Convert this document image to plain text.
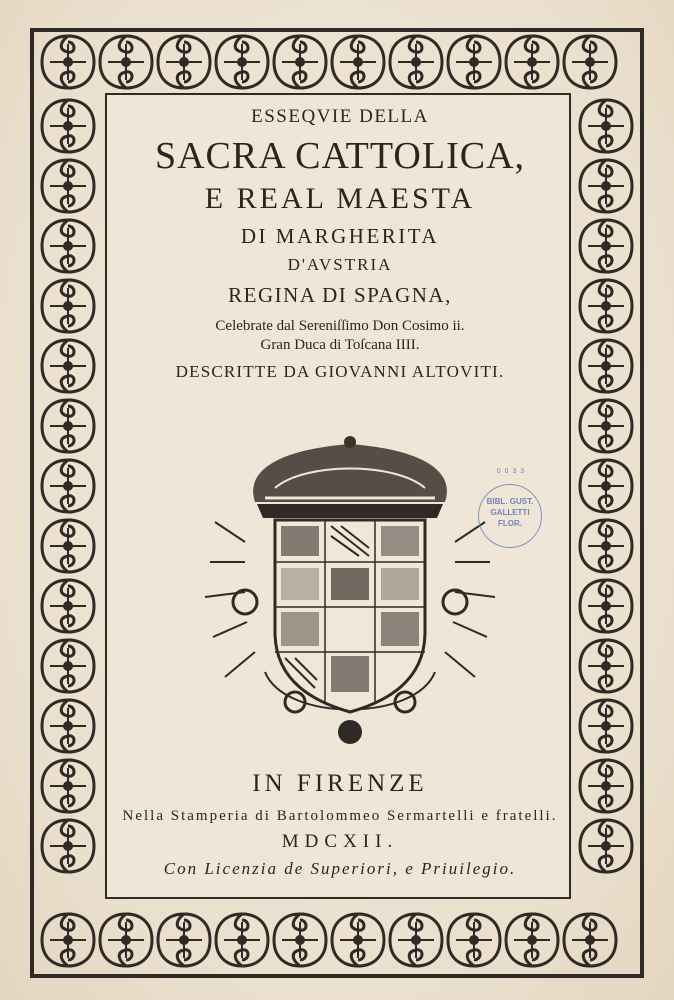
ESSEQVIE DELLA
SACRA CATTOLICA,
E REAL MAESTA
DI MARGHERITA
D'AVSTRIA
REGINA DI SPAGNA,
Celebrate dal Sereniſſimo Don Cosimo ii.
Gran Duca di Toſcana IIII.
DESCRITTE DA GIOVANNI ALTOVITI.
0 0 3 3
BIBL. GUST. GALLETTI FLOR.
IN FIRENZE
Nella Stamperia di Bartolommeo Sermartelli e fratelli.
MDCXII.
Con Licenzia de Superiori, e Priuilegio.
